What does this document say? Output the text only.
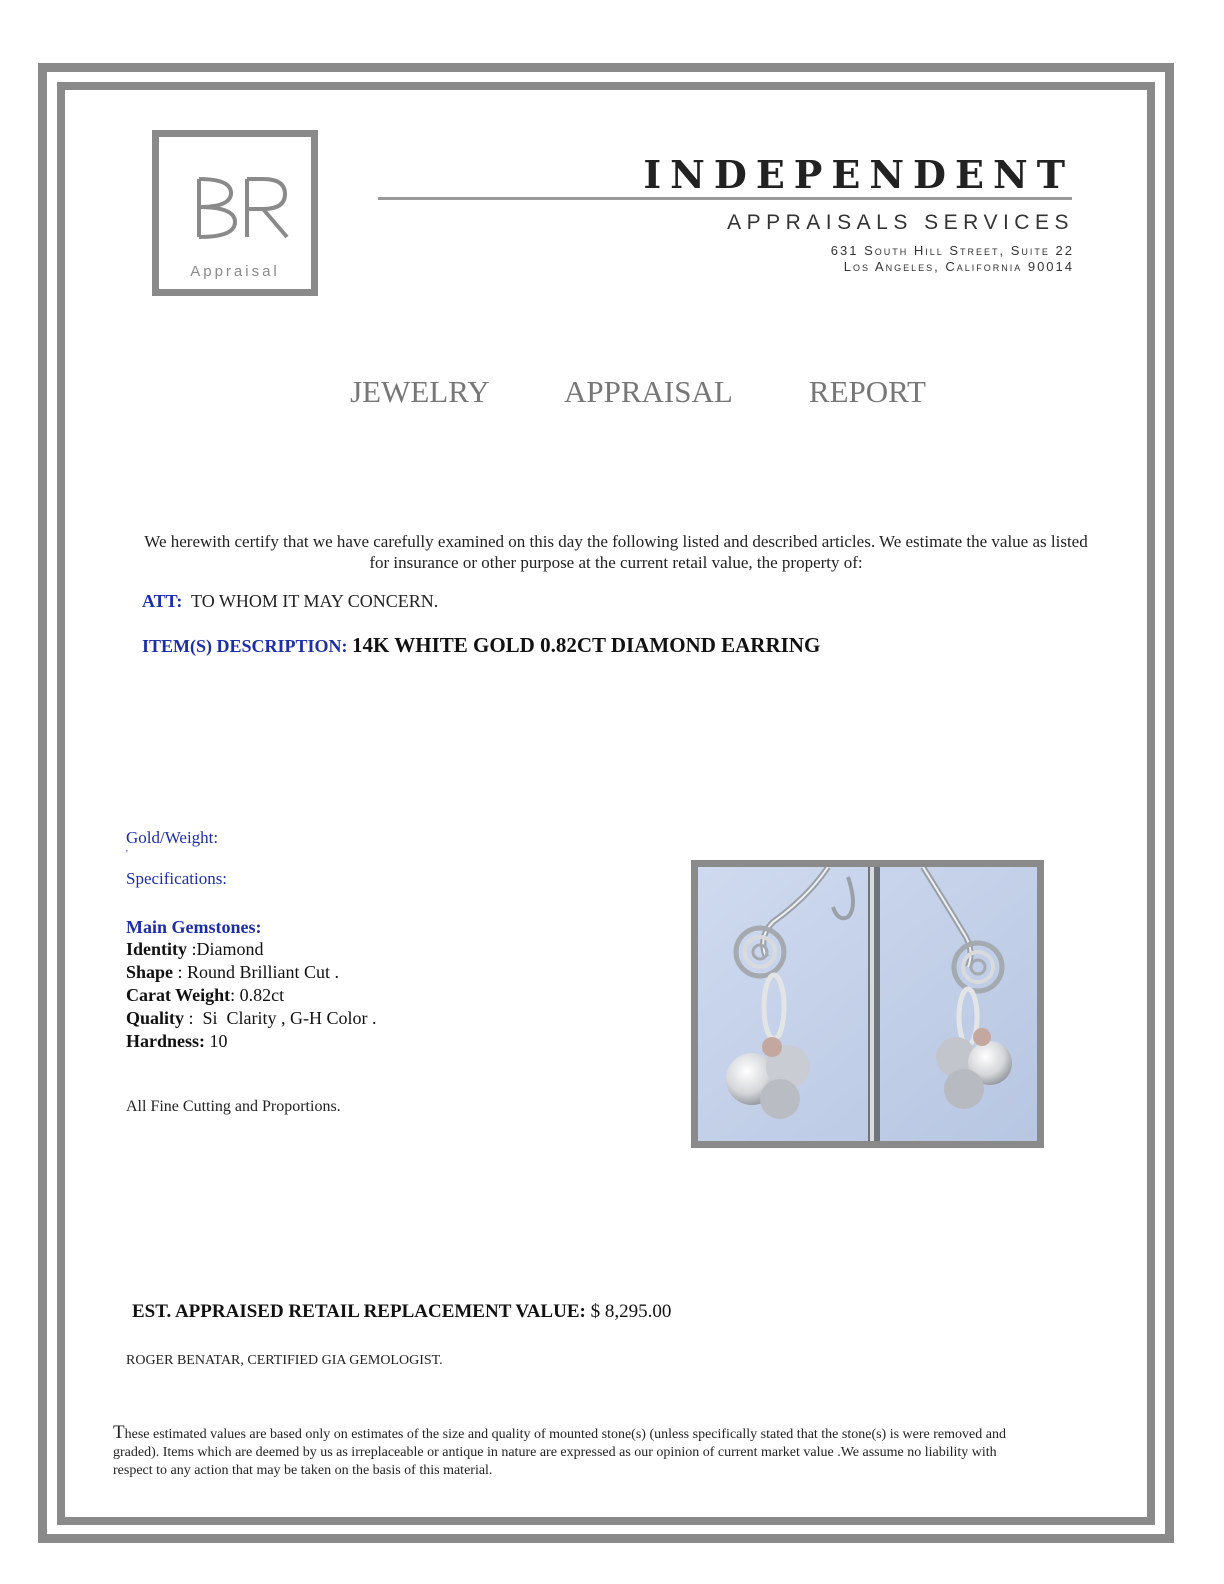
Appraisal
INDEPENDENT
APPRAISALS SERVICES
631 South Hill Street, Suite 22
Los Angeles, California 90014
JEWELRY   APPRAISAL   REPORT
We herewith certify that we have carefully examined on this day the following listed and described articles. We estimate the value as listed for insurance or other purpose at the current retail value, the property of:
ATT: TO WHOM IT MAY CONCERN.
ITEM(S) DESCRIPTION: 14K WHITE GOLD 0.82CT DIAMOND EARRING
Gold/Weight:
'
Specifications:
Main Gemstones:
Identity :Diamond
Shape : Round Brilliant Cut .
Carat Weight: 0.82ct
Quality :  Si  Clarity , G-H Color .
Hardness: 10
All Fine Cutting and Proportions.
EST. APPRAISED RETAIL REPLACEMENT VALUE: $ 8,295.00
ROGER BENATAR, CERTIFIED GIA GEMOLOGIST.
These estimated values are based only on estimates of the size and quality of mounted stone(s) (unless specifically stated that the stone(s) is were removed and graded). Items which are deemed by us as irreplaceable or antique in nature are expressed as our opinion of current market value .We assume no liability with respect to any action that may be taken on the basis of this material.
